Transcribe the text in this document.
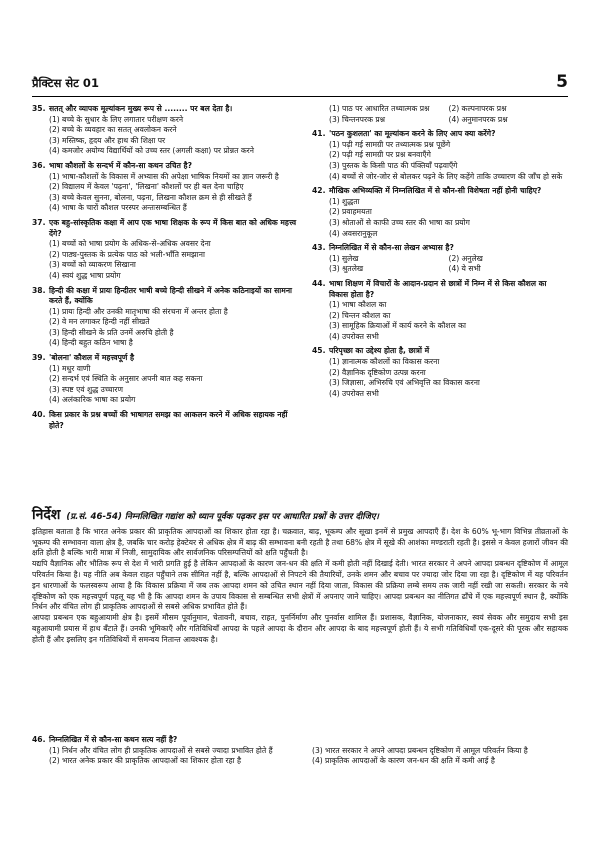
प्रैक्टिस सेट 01	5
35. सतत् और व्यापक मूल्यांकन मुख्य रूप से ........ पर बल देता है।
(1) बच्चे के सुधार के लिए लगातार परीक्षण करने
(2) बच्चे के व्यवहार का सतत् अवलोकन करने
(3) मस्तिष्क, हृदय और हाथ की शिक्षा पर
(4) कमजोर अयोग्य विद्यार्थियों को उच्च स्तर (अगली कक्षा) पर प्रोन्नत करने
36. भाषा कौशलों के सन्दर्भ में कौन-सा कथन उचित है?
(1) भाषा-कौशलों के विकास में अभ्यास की अपेक्षा भाषिक नियमों का ज्ञान जरूरी है
(2) विद्यालय में केवल 'पढ़ना', 'लिखना' कौशलों पर ही बल देना चाहिए
(3) बच्चे केवल सुनना, बोलना, पढ़ना, लिखना कौशल क्रम से ही सीखते हैं
(4) भाषा के चारों कौशल परस्पर अन्तःसम्बन्धित हैं
37. एक बहु-सांस्कृतिक कक्षा में आप एक भाषा शिक्षक के रूप में किस बात को अधिक महत्त्व देंगे?
(1) बच्चों को भाषा प्रयोग के अधिक-से-अधिक अवसर देना
(2) पाठ्य-पुस्तक के प्रत्येक पाठ को भली-भाँति समझाना
(3) बच्चों को व्याकरण सिखाना
(4) स्वयं शुद्ध भाषा प्रयोग
38. हिन्दी की कक्षा में प्रायः हिन्दीतर भाषी बच्चे हिन्दी सीखने में अनेक कठिनाइयों का सामना करते हैं, क्योंकि
(1) प्रायः हिन्दी और उनकी मातृभाषा की संरचना में अन्तर होता है
(2) वे मन लगाकर हिन्दी नहीं सीखते
(3) हिन्दी सीखने के प्रति उनमें अरुचि होती है
(4) हिन्दी बहुत कठिन भाषा है
39. 'बोलना' कौशल में महत्त्वपूर्ण है
(1) मधुर वाणी
(2) सन्दर्भ एवं स्थिति के अनुसार अपनी बात कह सकना
(3) स्पष्ट एवं शुद्ध उच्चारण
(4) अलंकारिक भाषा का प्रयोग
40. किस प्रकार के प्रश्न बच्चों की भाषागत समझ का आकलन करने में अधिक सहायक नहीं होते?
(1) पाठ पर आधारित तथ्यात्मक प्रश्न	(2) कल्पनापरक प्रश्न
(3) चिन्तनपरक प्रश्न	(4) अनुमानपरक प्रश्न
41. 'पठन कुशलता' का मूल्यांकन करने के लिए आप क्या करेंगे?
(1) पढ़ी गई सामग्री पर तथ्यात्मक प्रश्न पूछेंगे
(2) पढ़ी गई सामग्री पर प्रश्न बनवाएँगे
(3) पुस्तक के किसी पाठ की पंक्तियाँ पढ़वाएँगे
(4) बच्चों से जोर-जोर से बोलकर पढ़ने के लिए कहेंगे ताकि उच्चारण की जाँच हो सके
42. मौखिक अभिव्यक्ति में निम्नलिखित में से कौन-सी विशेषता नहीं होनी चाहिए?
(1) शुद्धता
(2) प्रवाहमयता
(3) श्रोताओं से काफी उच्च स्तर की भाषा का प्रयोग
(4) अवसरानुकूल
43. निम्नलिखित में से कौन-सा लेखन अभ्यास है?
(1) सुलेख	(2) अनुलेख
(3) श्रुतलेख	(4) ये सभी
44. भाषा शिक्षण में विचारों के आदान-प्रदान से छात्रों में निम्न में से किस कौशल का विकास होता है?
(1) भाषा कौशल का
(2) चिन्तन कौशल का
(3) सामूहिक क्रियाओं में कार्य करने के कौशल का
(4) उपरोक्त सभी
45. परिपृच्छा का उद्देश्य होता है, छात्रों में
(1) ज्ञानात्मक कौशलों का विकास करना
(2) वैज्ञानिक दृष्टिकोण उत्पन्न करना
(3) जिज्ञासा, अभिरुचि एवं अभिवृत्ति का विकास करना
(4) उपरोक्त सभी
निर्देश (प्र.सं. 46-54) निम्नलिखित गद्यांश को ध्यान पूर्वक पढ़कर इस पर आधारित प्रश्नों के उत्तर दीजिए।

इतिहास बताता है कि भारत अनेक प्रकार की प्राकृतिक आपदाओं का शिकार होता रहा है। चक्रवात, बाढ़, भूकम्प और सूखा इनमें से प्रमुख आपदाएँ हैं। देश के 60% भू-भाग विभिन्न तीव्रताओं के भूकम्प की सम्भावना वाला क्षेत्र है, जबकि चार करोड़ हेक्टेयर से अधिक क्षेत्र में बाढ़ की सम्भावना बनी रहती है तथा 68% क्षेत्र में सूखे की आशंका मण्डराती रहती है। इससे न केवल हजारों जीवन की क्षति होती है बल्कि भारी मात्रा में निजी, सामुदायिक और सार्वजनिक परिसम्पत्तियों को क्षति पहुँचती है।

यद्यपि वैज्ञानिक और भौतिक रूप से देश में भारी प्रगति हुई है लेकिन आपदाओं के कारण जन-धन की क्षति में कमी होती नहीं दिखाई देती। भारत सरकार ने अपने आपदा प्रबन्धन दृष्टिकोण में आमूल परिवर्तन किया है। यह नीति अब केवल राहत पहुँचाने तक सीमित नहीं है, बल्कि आपदाओं से निपटने की तैयारियों, उनके शमन और बचाव पर ज्यादा जोर दिया जा रहा है। दृष्टिकोण में यह परिवर्तन इन धारणाओं के फलस्वरूप आया है कि विकास प्रक्रिया में जब तक आपदा शमन को उचित स्थान नहीं दिया जाता, विकास की प्रक्रिया लम्बे समय तक जारी नहीं रखी जा सकती। सरकार के नये दृष्टिकोण को एक महत्त्वपूर्ण पहलू यह भी है कि आपदा शमन के उपाय विकास से सम्बन्धित सभी क्षेत्रों में अपनाए जाने चाहिए। आपदा प्रबन्धन का नीतिगत ढाँचे में एक महत्त्वपूर्ण स्थान है, क्योंकि निर्धन और वंचित लोग ही प्राकृतिक आपदाओं से सबसे अधिक प्रभावित होते हैं।

आपदा प्रबन्धन एक बहुआयामी क्षेत्र है। इसमें मौसम पूर्वानुमान, चेतावनी, बचाव, राहत, पुनर्निर्माण और पुनर्वास शामिल हैं। प्रशासक, वैज्ञानिक, योजनाकार, स्वयं सेवक और समुदाय सभी इस बहुआयामी प्रयास में हाथ बँटाते हैं। उनकी भूमिकाएँ और गतिविधियाँ आपदा के पहले आपदा के दौरान और आपदा के बाद महत्त्वपूर्ण होती हैं। ये सभी गतिविधियाँ एक-दूसरे की पूरक और सहायक होती हैं और इसलिए इन गतिविधियों में समन्वय नितान्त आवश्यक है।

46. निम्नलिखित में से कौन-सा कथन सत्य नहीं है?
(1) निर्धन और वंचित लोग ही प्राकृतिक आपदाओं से सबसे ज्यादा प्रभावित होते हैं
(2) भारत अनेक प्रकार की प्राकृतिक आपदाओं का शिकार होता रहा है
(3) भारत सरकार ने अपने आपदा प्रबन्धन दृष्टिकोण में आमूल परिवर्तन किया है
(4) प्राकृतिक आपदाओं के कारण जन-धन की क्षति में कमी आई है
